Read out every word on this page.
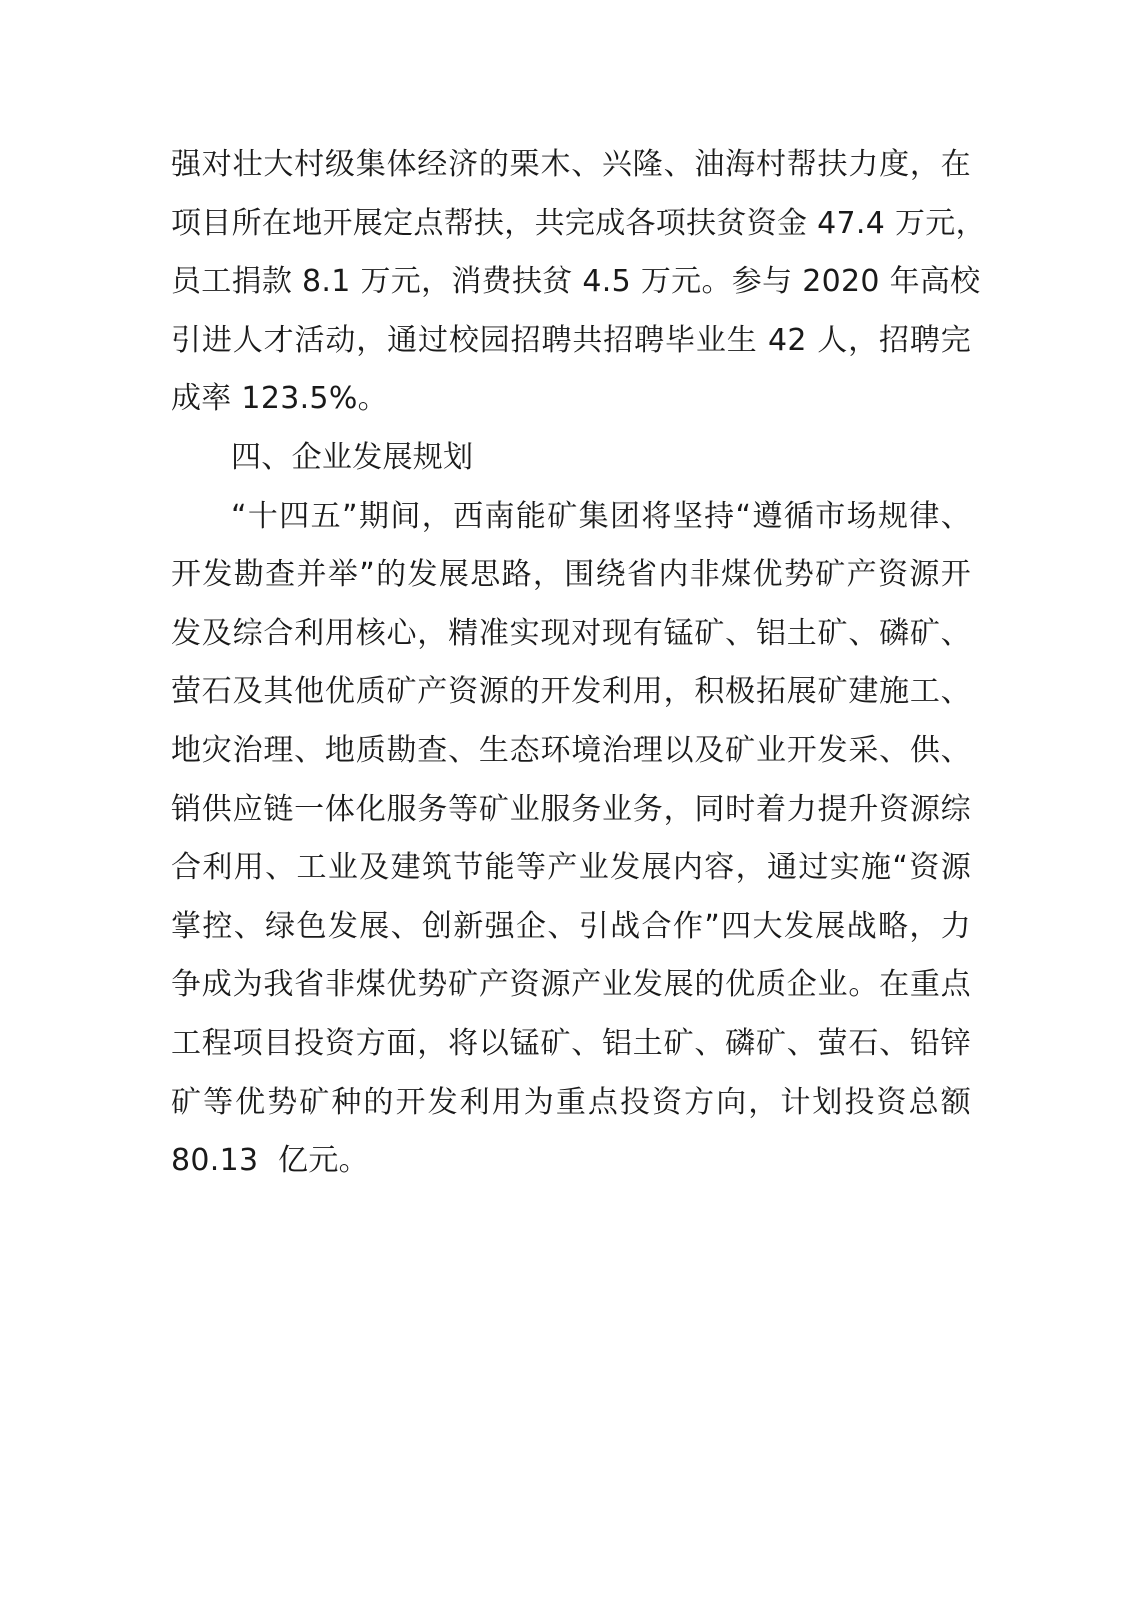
强对壮大村级集体经济的栗木、兴隆、油海村帮扶力度，在
项目所在地开展定点帮扶，共完成各项扶贫资金 47.4 万元，
员工捐款 8.1 万元，消费扶贫 4.5 万元。参与 2020 年高校
引进人才活动，通过校园招聘共招聘毕业生 42 人，招聘完
成率 123.5%。
四、企业发展规划
“十四五”期间，西南能矿集团将坚持“遵循市场规律、
开发勘查并举”的发展思路，围绕省内非煤优势矿产资源开
发及综合利用核心，精准实现对现有锰矿、铝土矿、磷矿、
萤石及其他优质矿产资源的开发利用，积极拓展矿建施工、
地灾治理、地质勘查、生态环境治理以及矿业开发采、供、
销供应链一体化服务等矿业服务业务，同时着力提升资源综
合利用、工业及建筑节能等产业发展内容，通过实施“资源
掌控、绿色发展、创新强企、引战合作”四大发展战略，力
争成为我省非煤优势矿产资源产业发展的优质企业。在重点
工程项目投资方面，将以锰矿、铝土矿、磷矿、萤石、铅锌
矿等优势矿种的开发利用为重点投资方向，计划投资总额
80.13  亿元。
